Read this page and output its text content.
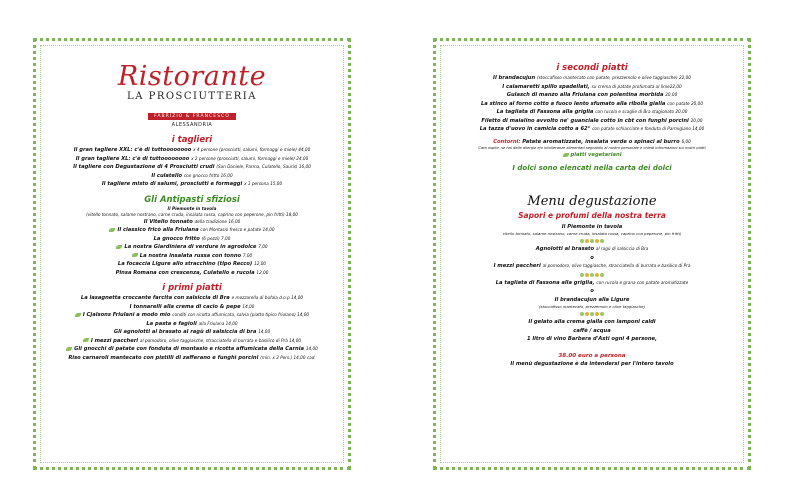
Ristorante
LA PROSCIUTTERIA
FABRIZIO & FRANCESCO
ALESSANDRIA
i taglieri
Il gran tagliere XXL: c'è di tuttoooooooo x 4 persone (prosciutti, salumi, formaggi e miele) 44,00
Il gran tagliere XL: c'è di tuttoooooooo x 2 persone (prosciutti, salumi, formaggi e miele) 24,00
Il tagliere con Degustazione di 4 Prosciutti crudi (San Daniele, Parma, Culatello, Sauris) 16,00
Il culatello con gnocco fritto 16,00
Il tagliere misto di salumi, prosciutti e formaggi x 1 persona 15,00
Gli Antipasti sfiziosi
Il Piemonte in tavola
(vitello tonnato, salame nostrano, carne cruda, insalata russa, caprino con peperone, pin fritti) 18,00
Il Vitello tonnato della tradizione 16,00
Il classico fricò alla Friulana con Montasio fresco e patate 14,00
La gnocco fritto (6 pezzi) 7,00
La nostra Giardiniera di verdure in agrodolce 7,00
La nostra insalata russa con tonno 7,00
La focaccia Ligure allo stracchino (tipo Recco) 12,00
Pinsa Romana con crescenza, Culatello e rucola 12,00
i primi piatti
La lasagnetta croccante farcita con salsiccia di Bra e mozzarella di bufala d.o.p 14,00
I tonnarelli alla crema di cacio & pepe 14,00
I Cjalsons Friulani a modo mio conditi con ricotta affumicata, salvia (piatto tipico friulano) 14,00
La pasta e fagioli alla Friulana 14,00
Gli agnolotti al brasato al ragù di salsiccia di bra 14,00
I mezzi paccheri al pomodoro, olive taggiasche, stracciatella di burrata e basilico di Prà 14,00
Gli gnocchi di patate con fonduta di montasio e ricotta affumicata della Carnia 14,00
Riso carnaroli mantecato con pistilli di zafferano e funghi porcini (min. x 2 Pers.) 14,00 cad.
i secondi piatti
Il brandacujun (stoccafisso mantecato con patate, prezzemolo e olive taggiasche) 22,00
I calamaretti spillo spadellati, su crema di patate profumata al lime22,00
Gulasch di manzo alla Friulana con polentina morbida 20,00
La stinco al forno cotto a fuoco lento sfumato alla ribolla gialla con patate 20,00
La tagliata di Fassona alla griglia con rucola e scaglie di Bra stagionato 20,00
Filetto di maialino avvolto ne' guanciale cotto in cbt con funghi porcini 20,00
La tazza d'uovo in camicia cotto a 62° con patate schiacciate e fonduta di Parmigiano 14,00
Contorni: Patate aromatizzate, insalata verde o spinaci al burro 6,00
Cara ospite, se hai delle allergie e/o intolleranze alimentari segnalalo al nostro personale e chiedi informazioni sui nostri piatti
piatti vegetariani
I dolci sono elencati nella carta dei dolci
Menu degustazione
Sapori e profumi della nostra terra
Il Piemonte in tavola
vitello tonnato, salame nostrano, carne cruda, insalata russa, caprino con peperone, pin fritti)
Agnolotti al brasato al ragù di salsiccia di Bra
o
I mezzi paccheri al pomodoro, olive taggiasche, stracciatella di burrata e basilico di Prà
La tagliata di Fassona alla griglia, con rucola e grana con patate aromatizzate
o
Il brandacujun alla Ligure
(stoccafisso mantecato, prezzemolo e olive taggiasche)
Il gelato alla crema gialla con lamponi caldi
caffè / acqua
1 litro di vino Barbera d'Asti ogni 4 persone,
38.00 euro a persona
Il menù degustazione è da intendersi per l'intero tavolo
